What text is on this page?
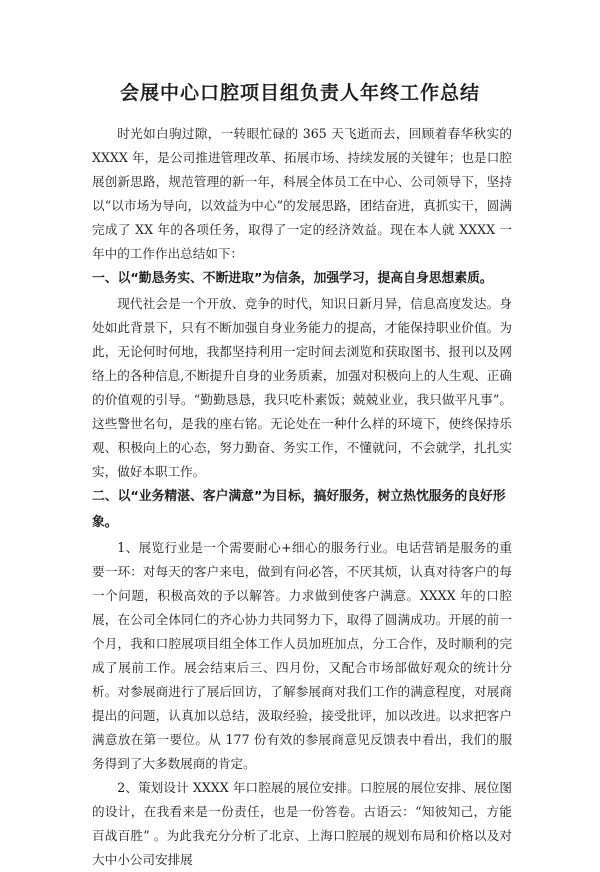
会展中心口腔项目组负责人年终工作总结

时光如白驹过隙，一转眼忙碌的 365 天飞逝而去，回顾着春华秋实的 XXXX 年，是公司推进管理改革、拓展市场、持续发展的关键年；也是口腔展创新思路，规范管理的新一年，科展全体员工在中心、公司领导下，坚持以“以市场为导向，以效益为中心”的发展思路，团结奋进，真抓实干，圆满完成了 XX 年的各项任务，取得了一定的经济效益。现在本人就 XXXX 一年中的工作作出总结如下：

一、以“勤恳务实、不断进取”为信条，加强学习，提高自身思想素质。

现代社会是一个开放、竞争的时代，知识日新月异，信息高度发达。身处如此背景下，只有不断加强自身业务能力的提高，才能保持职业价值。为此，无论何时何地，我都坚持利用一定时间去浏览和获取图书、报刊以及网络上的各种信息,不断提升自身的业务质素，加强对积极向上的人生观、正确的价值观的引导。“勤勤恳恳，我只吃朴素饭；兢兢业业，我只做平凡事”。这些警世名句，是我的座右铭。无论处在一种什么样的环境下，使终保持乐观、积极向上的心态，努力勤奋、务实工作，不懂就问，不会就学，扎扎实实，做好本职工作。

二、以“业务精湛、客户满意”为目标，搞好服务，树立热忱服务的良好形象。

1、展览行业是一个需要耐心+细心的服务行业。电话营销是服务的重要一环：对每天的客户来电，做到有问必答，不厌其烦，认真对待客户的每一个问题，积极高效的予以解答。力求做到使客户满意。XXXX 年的口腔展，在公司全体同仁的齐心协力共同努力下，取得了圆满成功。开展的前一个月，我和口腔展项目组全体工作人员加班加点，分工合作，及时顺利的完成了展前工作。展会结束后三、四月份，又配合市场部做好观众的统计分析。对参展商进行了展后回访，了解参展商对我们工作的满意程度，对展商提出的问题，认真加以总结，汲取经验，接受批评，加以改进。以求把客户满意放在第一要位。从 177 份有效的参展商意见反馈表中看出，我们的服务得到了大多数展商的肯定。

2、策划设计 XXXX 年口腔展的展位安排。口腔展的展位安排、展位图的设计，在我看来是一份责任，也是一份答卷。古语云：“知彼知己，方能百战百胜” 。为此我充分分析了北京、上海口腔展的规划布局和价格以及对大中小公司安排展
